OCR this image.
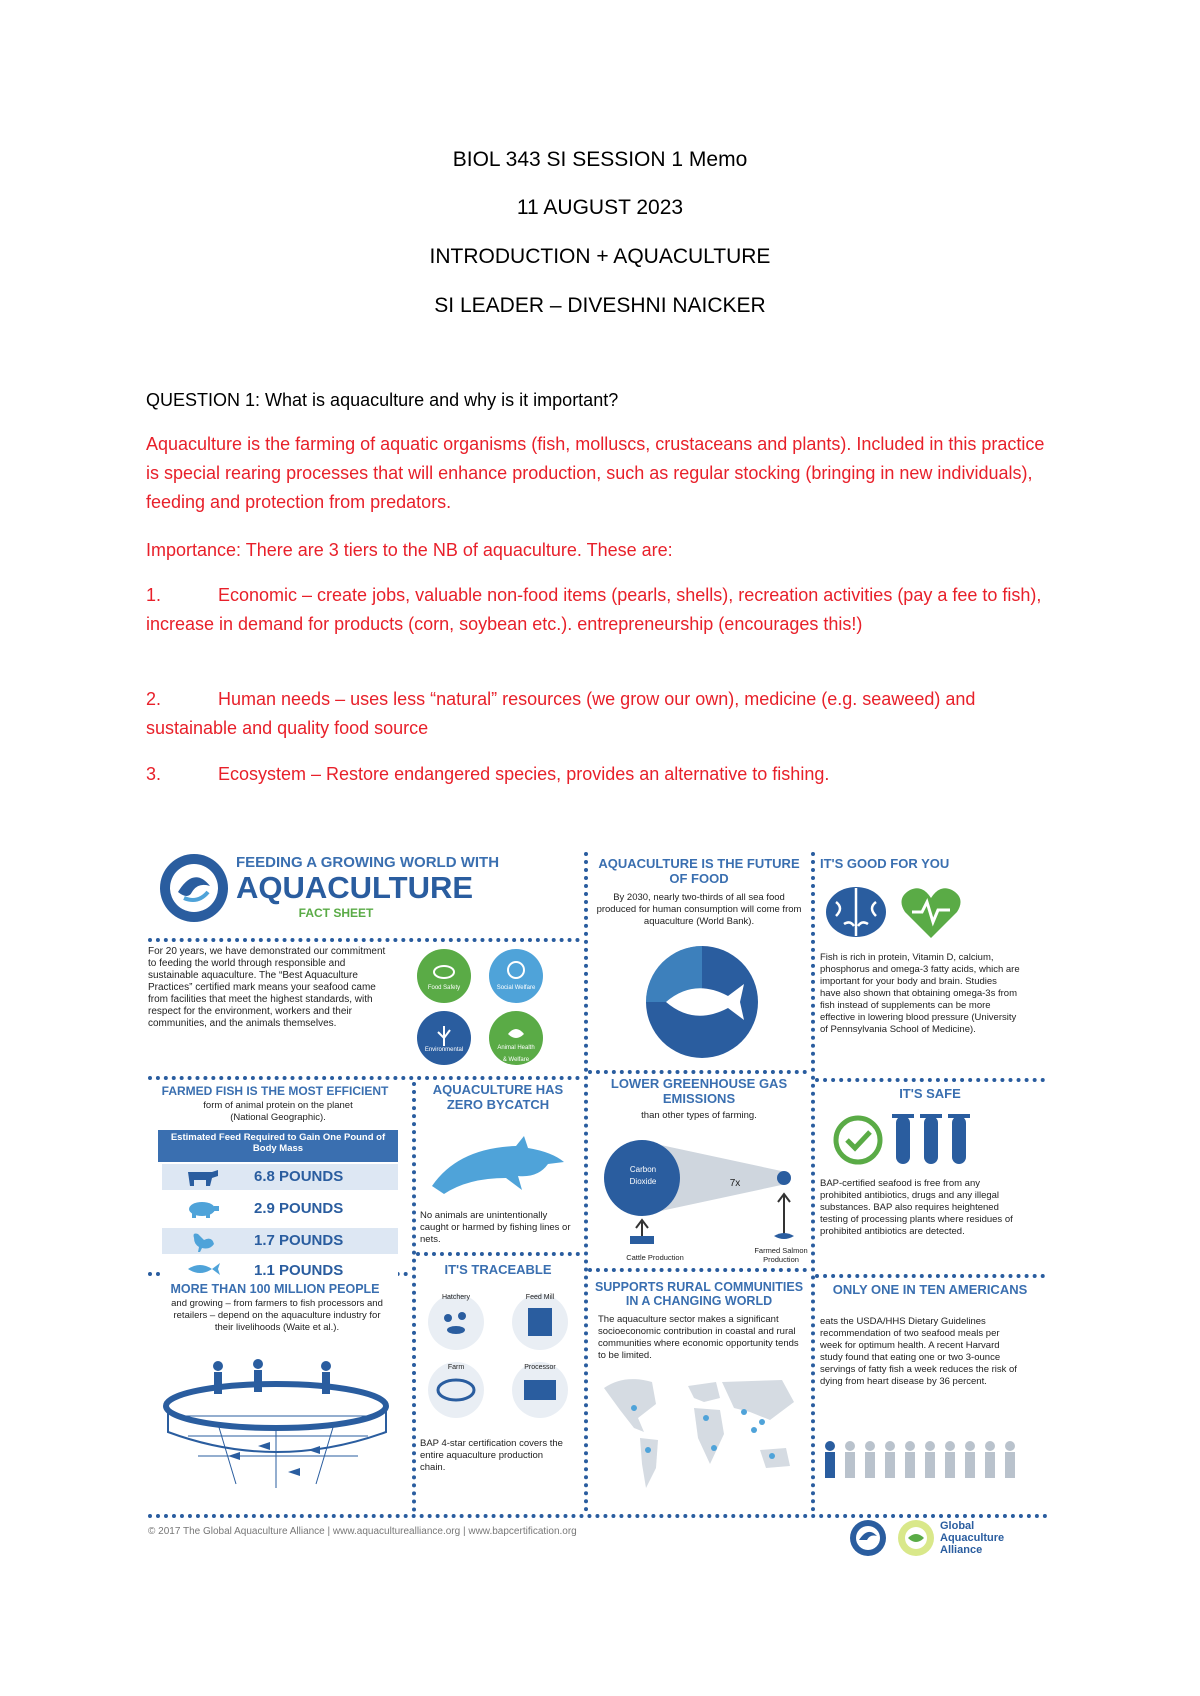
BIOL 343 SI SESSION 1 Memo
11 AUGUST 2023
INTRODUCTION + AQUACULTURE
SI LEADER – DIVESHNI NAICKER
QUESTION 1: What is aquaculture and why is it important?
Aquaculture is the farming of aquatic organisms (fish, molluscs, crustaceans and plants). Included in this practice is special rearing processes that will enhance production, such as regular stocking (bringing in new individuals), feeding and protection from predators.
Importance: There are 3 tiers to the NB of aquaculture. These are:
1.	Economic – create jobs, valuable non-food items (pearls, shells), recreation activities (pay a fee to fish), increase in demand for products (corn, soybean etc.). entrepreneurship (encourages this!)
2.	Human needs – uses less “natural” resources (we grow our own), medicine (e.g. seaweed) and sustainable and quality food source
3.	Ecosystem – Restore endangered species, provides an alternative to fishing.
FEEDING A GROWING WORLD WITH
AQUACULTURE
FACT SHEET
For 20 years, we have demonstrated our commitment to feeding the world through responsible and sustainable aquaculture. The “Best Aquaculture Practices” certified mark means your seafood came from facilities that meet the highest standards, with respect for the environment, workers and their communities, and the animals themselves.
Food Safety	Social Welfare
Environmental	Animal Health & Welfare
AQUACULTURE IS THE FUTURE OF FOOD
By 2030, nearly two-thirds of all sea food produced for human consumption will come from aquaculture (World Bank).
IT'S GOOD FOR YOU
Fish is rich in protein, Vitamin D, calcium, phosphorus and omega-3 fatty acids, which are important for your body and brain. Studies have also shown that obtaining omega-3s from fish instead of supplements can be more effective in lowering blood pressure (University of Pennsylvania School of Medicine).
FARMED FISH IS THE MOST EFFICIENT
form of animal protein on the planet (National Geographic).
Estimated Feed Required to Gain One Pound of Body Mass
6.8 POUNDS
2.9 POUNDS
1.7 POUNDS
1.1 POUNDS
AQUACULTURE HAS ZERO BYCATCH
No animals are unintentionally caught or harmed by fishing lines or nets.
LOWER GREENHOUSE GAS EMISSIONS
than other types of farming.
Carbon Dioxide	7x
Cattle Production
Farmed Salmon Production
IT'S SAFE
BAP-certified seafood is free from any prohibited antibiotics, drugs and any illegal substances. BAP also requires heightened testing of processing plants where residues of prohibited antibiotics are detected.
MORE THAN 100 MILLION PEOPLE
and growing – from farmers to fish processors and retailers – depend on the aquaculture industry for their livelihoods (Waite et al.).
IT'S TRACEABLE
Hatchery	Feed Mill
Farm	Processor
BAP 4-star certification covers the entire aquaculture production chain.
SUPPORTS RURAL COMMUNITIES IN A CHANGING WORLD
The aquaculture sector makes a significant socioeconomic contribution in coastal and rural communities where economic opportunity tends to be limited.
ONLY ONE IN TEN AMERICANS
eats the USDA/HHS Dietary Guidelines recommendation of two seafood meals per week for optimum health. A recent Harvard study found that eating one or two 3-ounce servings of fatty fish a week reduces the risk of dying from heart disease by 36 percent.
© 2017 The Global Aquaculture Alliance | www.aquaculturealliance.org | www.bapcertification.org	Global Aquaculture Alliance
